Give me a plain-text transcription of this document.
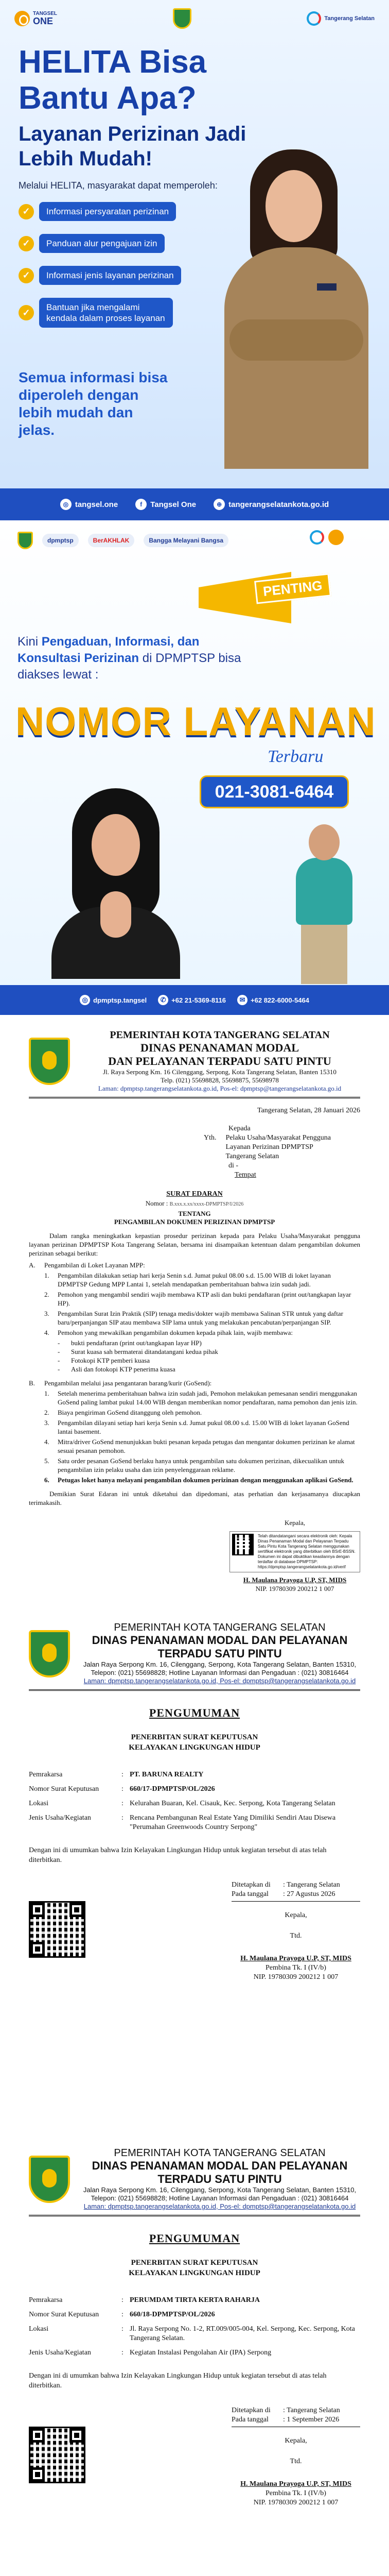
TANGSEL
ONE	Tangerang Selatan
HELITA Bisa Bantu Apa?
Layanan Perizinan Jadi Lebih Mudah!
Melalui HELITA, masyarakat dapat memperoleh:
✓	Informasi persyaratan perizinan
✓	Panduan alur pengajuan izin
✓	Informasi jenis layanan perizinan
✓	Bantuan jika mengalami kendala dalam proses layanan
Semua informasi bisa diperoleh dengan lebih mudah dan jelas.
◎ tangsel.one	f	Tangsel One	⊕ tangerangselatankota.go.id
dpmptsp	BerAKHLAK	Bangga Melayani Bangsa
PENTING
Kini Pengaduan, Informasi, dan Konsultasi Perizinan di DPMPTSP bisa diakses lewat :
NOMOR LAYANAN
Terbaru
021-3081-6464
◎ dpmptsp.tangsel	✆ +62 21-5369-8116	✉ +62 822-6000-5464
PEMERINTAH KOTA TANGERANG SELATAN
DINAS PENANAMAN MODAL
DAN PELAYANAN TERPADU SATU PINTU
Jl. Raya Serpong Km. 16 Cilenggang, Serpong, Kota Tangerang Selatan, Banten 15310
Telp. (021) 55698828, 55698875, 55698978
Laman: dpmptsp.tangerangselatankota.go.id, Pos-el: dpmptsp@tangerangselatankota.go.id
Tangerang Selatan, 28 Januari 2026
Kepada
Yth. Pelaku Usaha/Masyarakat Pengguna Layanan Perizinan DPMPTSP Tangerang Selatan
di -
Tempat
SURAT EDARAN
Nomor : B.xxx.x.xx/xxxx-DPMPTSP/I/2026
TENTANG
PENGAMBILAN DOKUMEN PERIZINAN DPMPTSP

Dalam rangka meningkatkan kepastian prosedur perizinan kepada para Pelaku Usaha/Masyarakat pengguna layanan perizinan DPMPTSP Kota Tangerang Selatan, bersama ini disampaikan ketentuan dalam pengambilan dokumen perizinan sebagai berikut:

A.	Pengambilan di Loket Layanan MPP:
1.	Pengambilan dilakukan setiap hari kerja Senin s.d. Jumat pukul 08.00 s.d. 15.00 WIB di loket layanan DPMPTSP Gedung MPP Lantai 1, setelah mendapatkan pemberitahuan bahwa izin sudah jadi.
2.	Pemohon yang mengambil sendiri wajib membawa KTP asli dan bukti pendaftaran (print out/tangkapan layar HP).
3.	Pengambilan Surat Izin Praktik (SIP) tenaga medis/dokter wajib membawa Salinan STR untuk yang daftar baru/perpanjangan SIP atau membawa SIP lama untuk yang melakukan pencabutan/perpanjangan SIP.
4.	Pemohon yang mewakilkan pengambilan dokumen kepada pihak lain, wajib membawa:
-	bukti pendaftaran (print out/tangkapan layar HP)
-	Surat kuasa sah bermaterai ditandatangani kedua pihak
-	Fotokopi KTP pemberi kuasa
-	Asli dan fotokopi KTP penerima kuasa
B.	Pengambilan melalui jasa pengantaran barang/kurir (GoSend):
1.	Setelah menerima pemberitahuan bahwa izin sudah jadi, Pemohon melakukan pemesanan sendiri menggunakan GoSend paling lambat pukul 14.00 WIB dengan memberikan nomor pendaftaran, nama pemohon dan jenis izin.
2.	Biaya pengiriman GoSend ditanggung oleh pemohon.
3.	Pengambilan dilayani setiap hari kerja Senin s.d. Jumat pukul 08.00 s.d. 15.00 WIB di loket layanan GoSend lantai basement.
4.	Mitra/driver GoSend menunjukkan bukti pesanan kepada petugas dan mengantar dokumen perizinan ke alamat sesuai pesanan pemohon.
5.	Satu order pesanan GoSend berlaku hanya untuk pengambilan satu dokumen perizinan, dikecualikan untuk pengambilan izin pelaku usaha dan izin penyelenggaraan reklame.
6.	Petugas loket hanya melayani pengambilan dokumen perizinan dengan menggunakan aplikasi GoSend.

Demikian Surat Edaran ini untuk diketahui dan dipedomani, atas perhatian dan kerjasamanya diucapkan terimakasih.

Kepala,
Telah ditandatangani secara elektronik oleh: Kepala Dinas Penanaman Modal dan Pelayanan Terpadu Satu Pintu Kota Tangerang Selatan menggunakan sertifikat elektronik yang diterbitkan oleh BSrE-BSSN. Dokumen ini dapat dibuktikan keasliannya dengan terdaftar di database DPMPTSP: https://dpmptsp.tangerangselatankota.go.id/verif
H. Maulana Prayoga U.P, ST, MIDS
NIP. 19780309 200212 1 007
PEMERINTAH KOTA TANGERANG SELATAN
DINAS PENANAMAN MODAL DAN PELAYANAN TERPADU SATU PINTU
Jalan Raya Serpong Km. 16, Cilenggang, Serpong, Kota Tangerang Selatan, Banten 15310, Telepon: (021) 55698828; Hotline Layanan Informasi dan Pengaduan : (021) 30816464
Laman: dpmptsp.tangerangselatankota.go.id, Pos-el: dpmptsp@tangerangselatankota.go.id
PENGUMUMAN
PENERBITAN SURAT KEPUTUSAN
KELAYAKAN LINGKUNGAN HIDUP
Pemrakarsa	: PT. BARUNA REALTY
Nomor Surat Keputusan	: 660/17-DPMPTSP/OL/2026
Lokasi	: Kelurahan Buaran, Kel. Cisauk, Kec. Serpong, Kota Tangerang Selatan
Jenis Usaha/Kegiatan	: Rencana Pembangunan Real Estate Yang Dimiliki Sendiri Atau Disewa "Perumahan Greenwoods Country Serpong"
Dengan ini di umumkan bahwa Izin Kelayakan Lingkungan Hidup untuk kegiatan tersebut di atas telah diterbitkan.
Ditetapkan di	: Tangerang Selatan
Pada tanggal	: 27 Agustus 2026
Kepala,
Ttd.
H. Maulana Prayoga U.P, ST, MIDS
Pembina Tk. I (IV/b)
NIP. 19780309 200212 1 007
PEMERINTAH KOTA TANGERANG SELATAN
DINAS PENANAMAN MODAL DAN PELAYANAN TERPADU SATU PINTU
Jalan Raya Serpong Km. 16, Cilenggang, Serpong, Kota Tangerang Selatan, Banten 15310, Telepon: (021) 55698828; Hotline Layanan Informasi dan Pengaduan : (021) 30816464
Laman: dpmptsp.tangerangselatankota.go.id, Pos-el: dpmptsp@tangerangselatankota.go.id
PENGUMUMAN
PENERBITAN SURAT KEPUTUSAN
KELAYAKAN LINGKUNGAN HIDUP
Pemrakarsa	: PERUMDAM TIRTA KERTA RAHARJA
Nomor Surat Keputusan	: 660/18-DPMPTSP/OL/2026
Lokasi	: Jl. Raya Serpong No. 1-2, RT.009/005-004, Kel. Serpong, Kec. Serpong, Kota Tangerang Selatan.
Jenis Usaha/Kegiatan	: Kegiatan Instalasi Pengolahan Air (IPA) Serpong
Dengan ini di umumkan bahwa Izin Kelayakan Lingkungan Hidup untuk kegiatan tersebut di atas telah diterbitkan.
Ditetapkan di	: Tangerang Selatan
Pada tanggal	: 1 September 2026
Kepala,
Ttd.
H. Maulana Prayoga U.P, ST, MIDS
Pembina Tk. I (IV/b)
NIP. 19780309 200212 1 007
